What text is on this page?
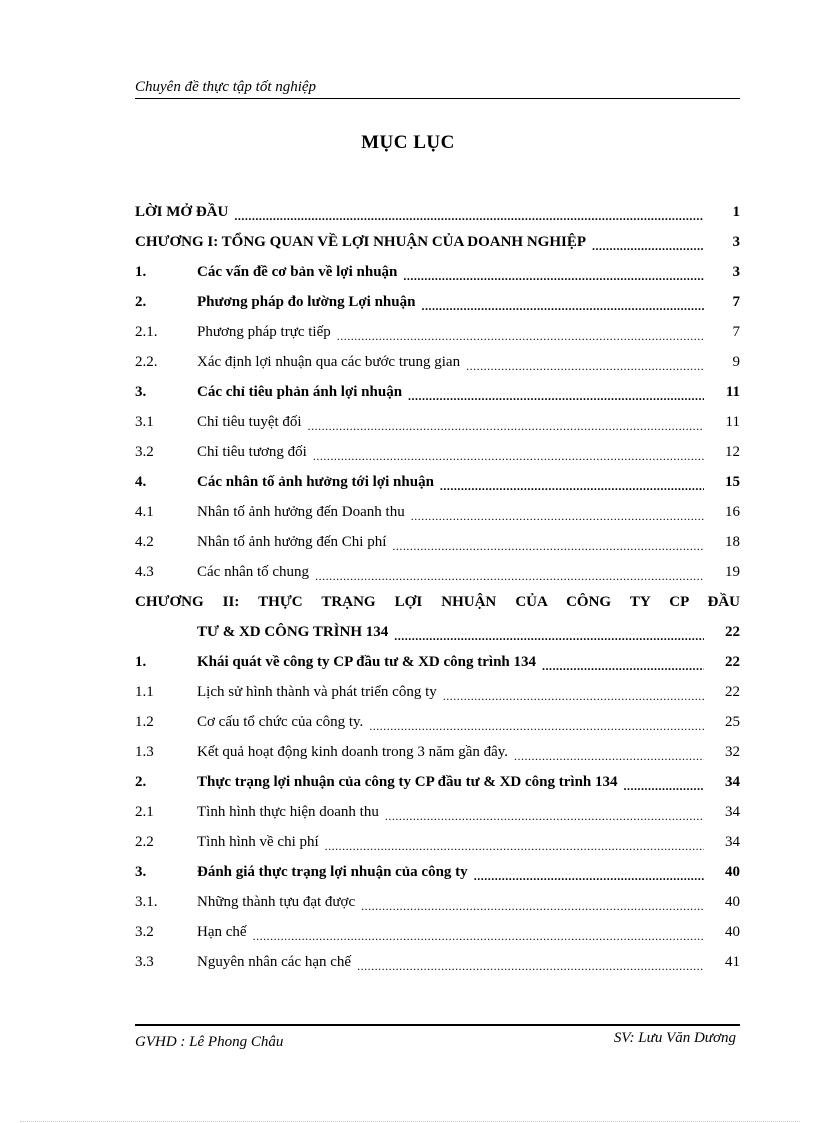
Chuyên đề thực tập tốt nghiệp
MỤC LỤC
LỜI MỞ ĐẦU .....	1
CHƯƠNG I: TỔNG QUAN VỀ LỢI NHUẬN CỦA DOANH NGHIỆP .....	3
1.	Các vấn đề cơ bản về lợi nhuận .....	3
2.	Phương pháp đo lường Lợi nhuận .....	7
2.1.	Phương pháp trực tiếp .....	7
2.2.	Xác định lợi nhuận qua các bước trung gian .....	9
3.	Các chỉ tiêu phản ánh lợi nhuận .....	11
3.1	Chỉ tiêu tuyệt đối .....	11
3.2	Chỉ tiêu tương đối .....	12
4.	Các nhân tố ảnh hưởng tới lợi nhuận .....	15
4.1	Nhân tố ảnh hưởng đến Doanh thu .....	16
4.2	Nhân tố ảnh hưởng đến Chi phí .....	18
4.3	Các nhân tố chung .....	19
CHƯƠNG II: THỰC TRẠNG LỢI NHUẬN CỦA CÔNG TY CP ĐẦU
TƯ & XD CÔNG TRÌNH 134 .....	22
1.	Khái quát về công ty CP đầu tư & XD công trình 134 .....	22
1.1	Lịch sử hình thành và phát triển công ty .....	22
1.2	Cơ cấu tổ chức của công ty. .....	25
1.3	Kết quả hoạt động kinh doanh trong 3 năm gần đây. .....	32
2.	Thực trạng lợi nhuận của công ty CP đầu tư & XD công trình 134 .....	34
2.1	Tình hình thực hiện doanh thu .....	34
2.2	Tình hình về chi phí .....	34
3.	Đánh giá thực trạng lợi nhuận của công ty .....	40
3.1.	Những thành tựu đạt được .....	40
3.2	Hạn chế .....	40
3.3	Nguyên nhân các hạn chế .....	41
GVHD : Lê Phong Châu	SV: Lưu Văn Dương
